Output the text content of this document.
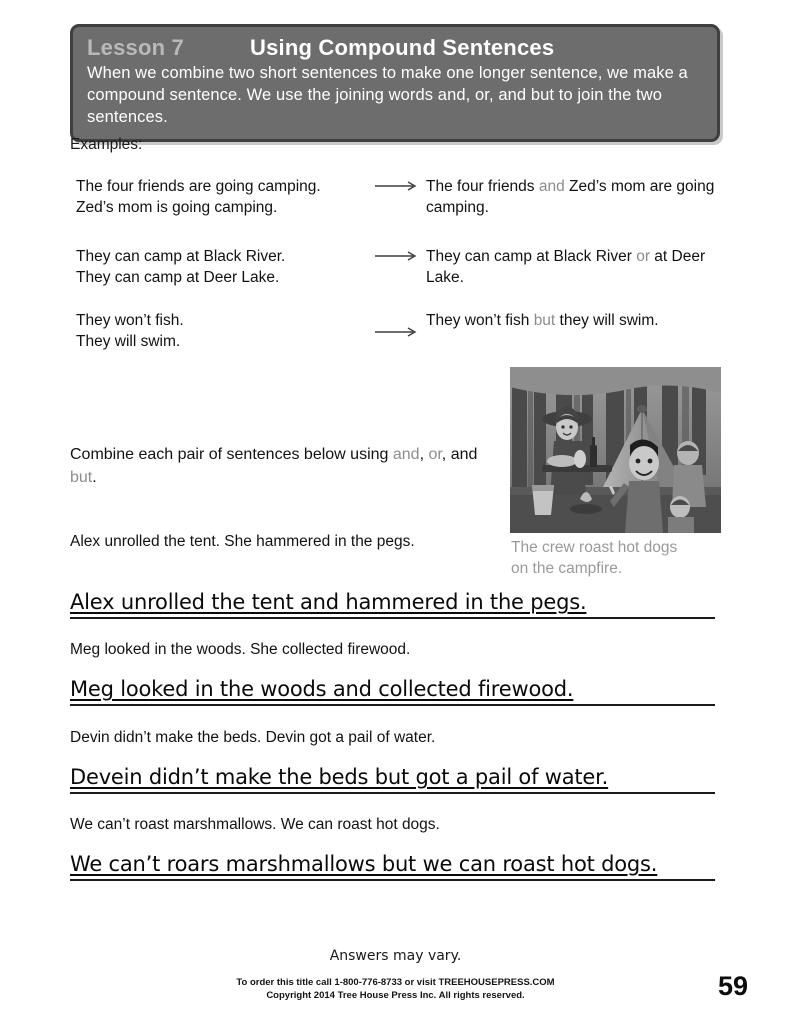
Lesson 7	Using Compound Sentences
When we combine two short sentences to make one longer sentence, we make a compound sentence. We use the joining words and, or, and but to join the two sentences.
Examples:
The four friends are going camping.
Zed’s mom is going camping.
The four friends and Zed’s mom are going camping.
They can camp at Black River.
They can camp at Deer Lake.
They can camp at Black River or at Deer Lake.
They won’t fish.
They will swim.
They won’t fish but they will swim.
The crew roast hot dogs
on the campfire.
Combine each pair of sentences below using and, or, and but.
Alex unrolled the tent. She hammered in the pegs.
Alex unrolled the tent and hammered in the pegs.
Meg looked in the woods. She collected firewood.
Meg looked in the woods and collected firewood.
Devin didn’t make the beds. Devin got a pail of water.
Devein didn’t make the beds but got a pail of water.
We can’t roast marshmallows. We can roast hot dogs.
We can’t roars marshmallows but we can roast hot dogs.
Answers may vary.
To order this title call 1-800-776-8733 or visit TREEHOUSEPRESS.COM
Copyright 2014 Tree House Press Inc. All rights reserved.	59
